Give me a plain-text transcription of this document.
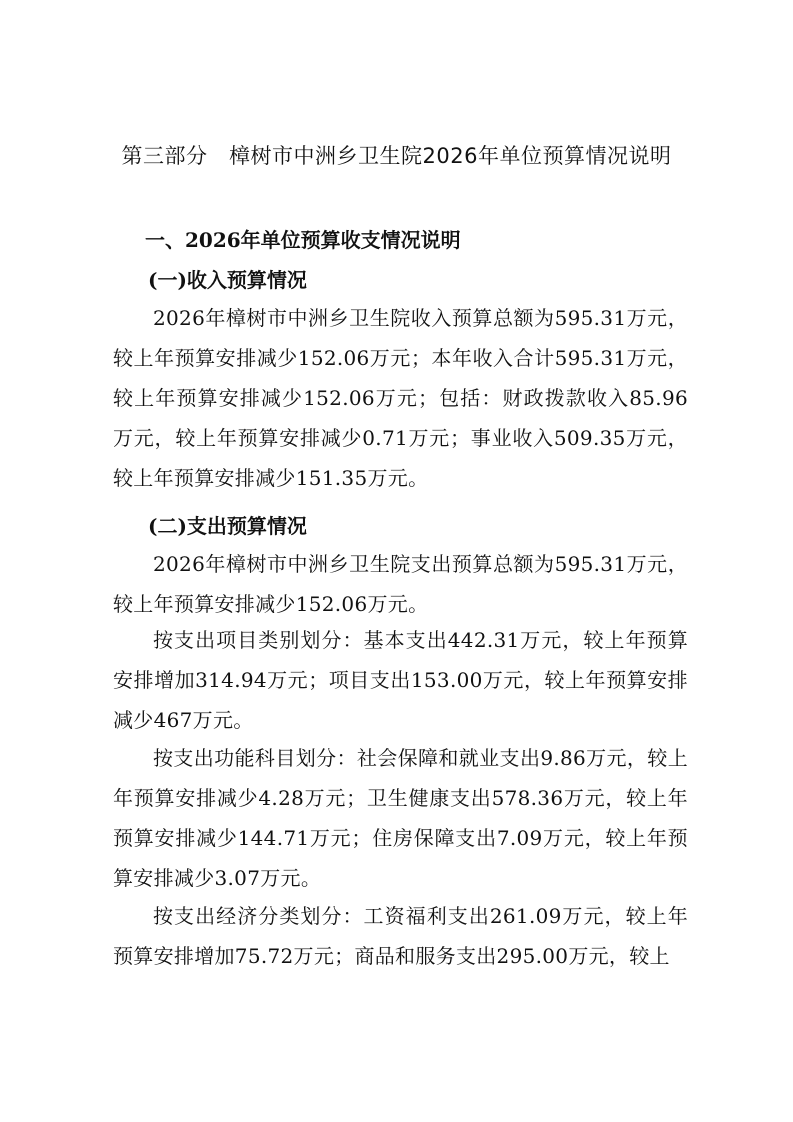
第三部分　樟树市中洲乡卫生院2026年单位预算情况说明
一、2026年单位预算收支情况说明
(一)收入预算情况
2026年樟树市中洲乡卫生院收入预算总额为595.31万元，较上年预算安排减少152.06万元；本年收入合计595.31万元，较上年预算安排减少152.06万元；包括：财政拨款收入85.96万元，较上年预算安排减少0.71万元；事业收入509.35万元，较上年预算安排减少151.35万元。
(二)支出预算情况
2026年樟树市中洲乡卫生院支出预算总额为595.31万元，较上年预算安排减少152.06万元。
按支出项目类别划分：基本支出442.31万元，较上年预算安排增加314.94万元；项目支出153.00万元，较上年预算安排减少467万元。
按支出功能科目划分：社会保障和就业支出9.86万元，较上年预算安排减少4.28万元；卫生健康支出578.36万元，较上年预算安排减少144.71万元；住房保障支出7.09万元，较上年预算安排减少3.07万元。
按支出经济分类划分：工资福利支出261.09万元，较上年预算安排增加75.72万元；商品和服务支出295.00万元，较上
